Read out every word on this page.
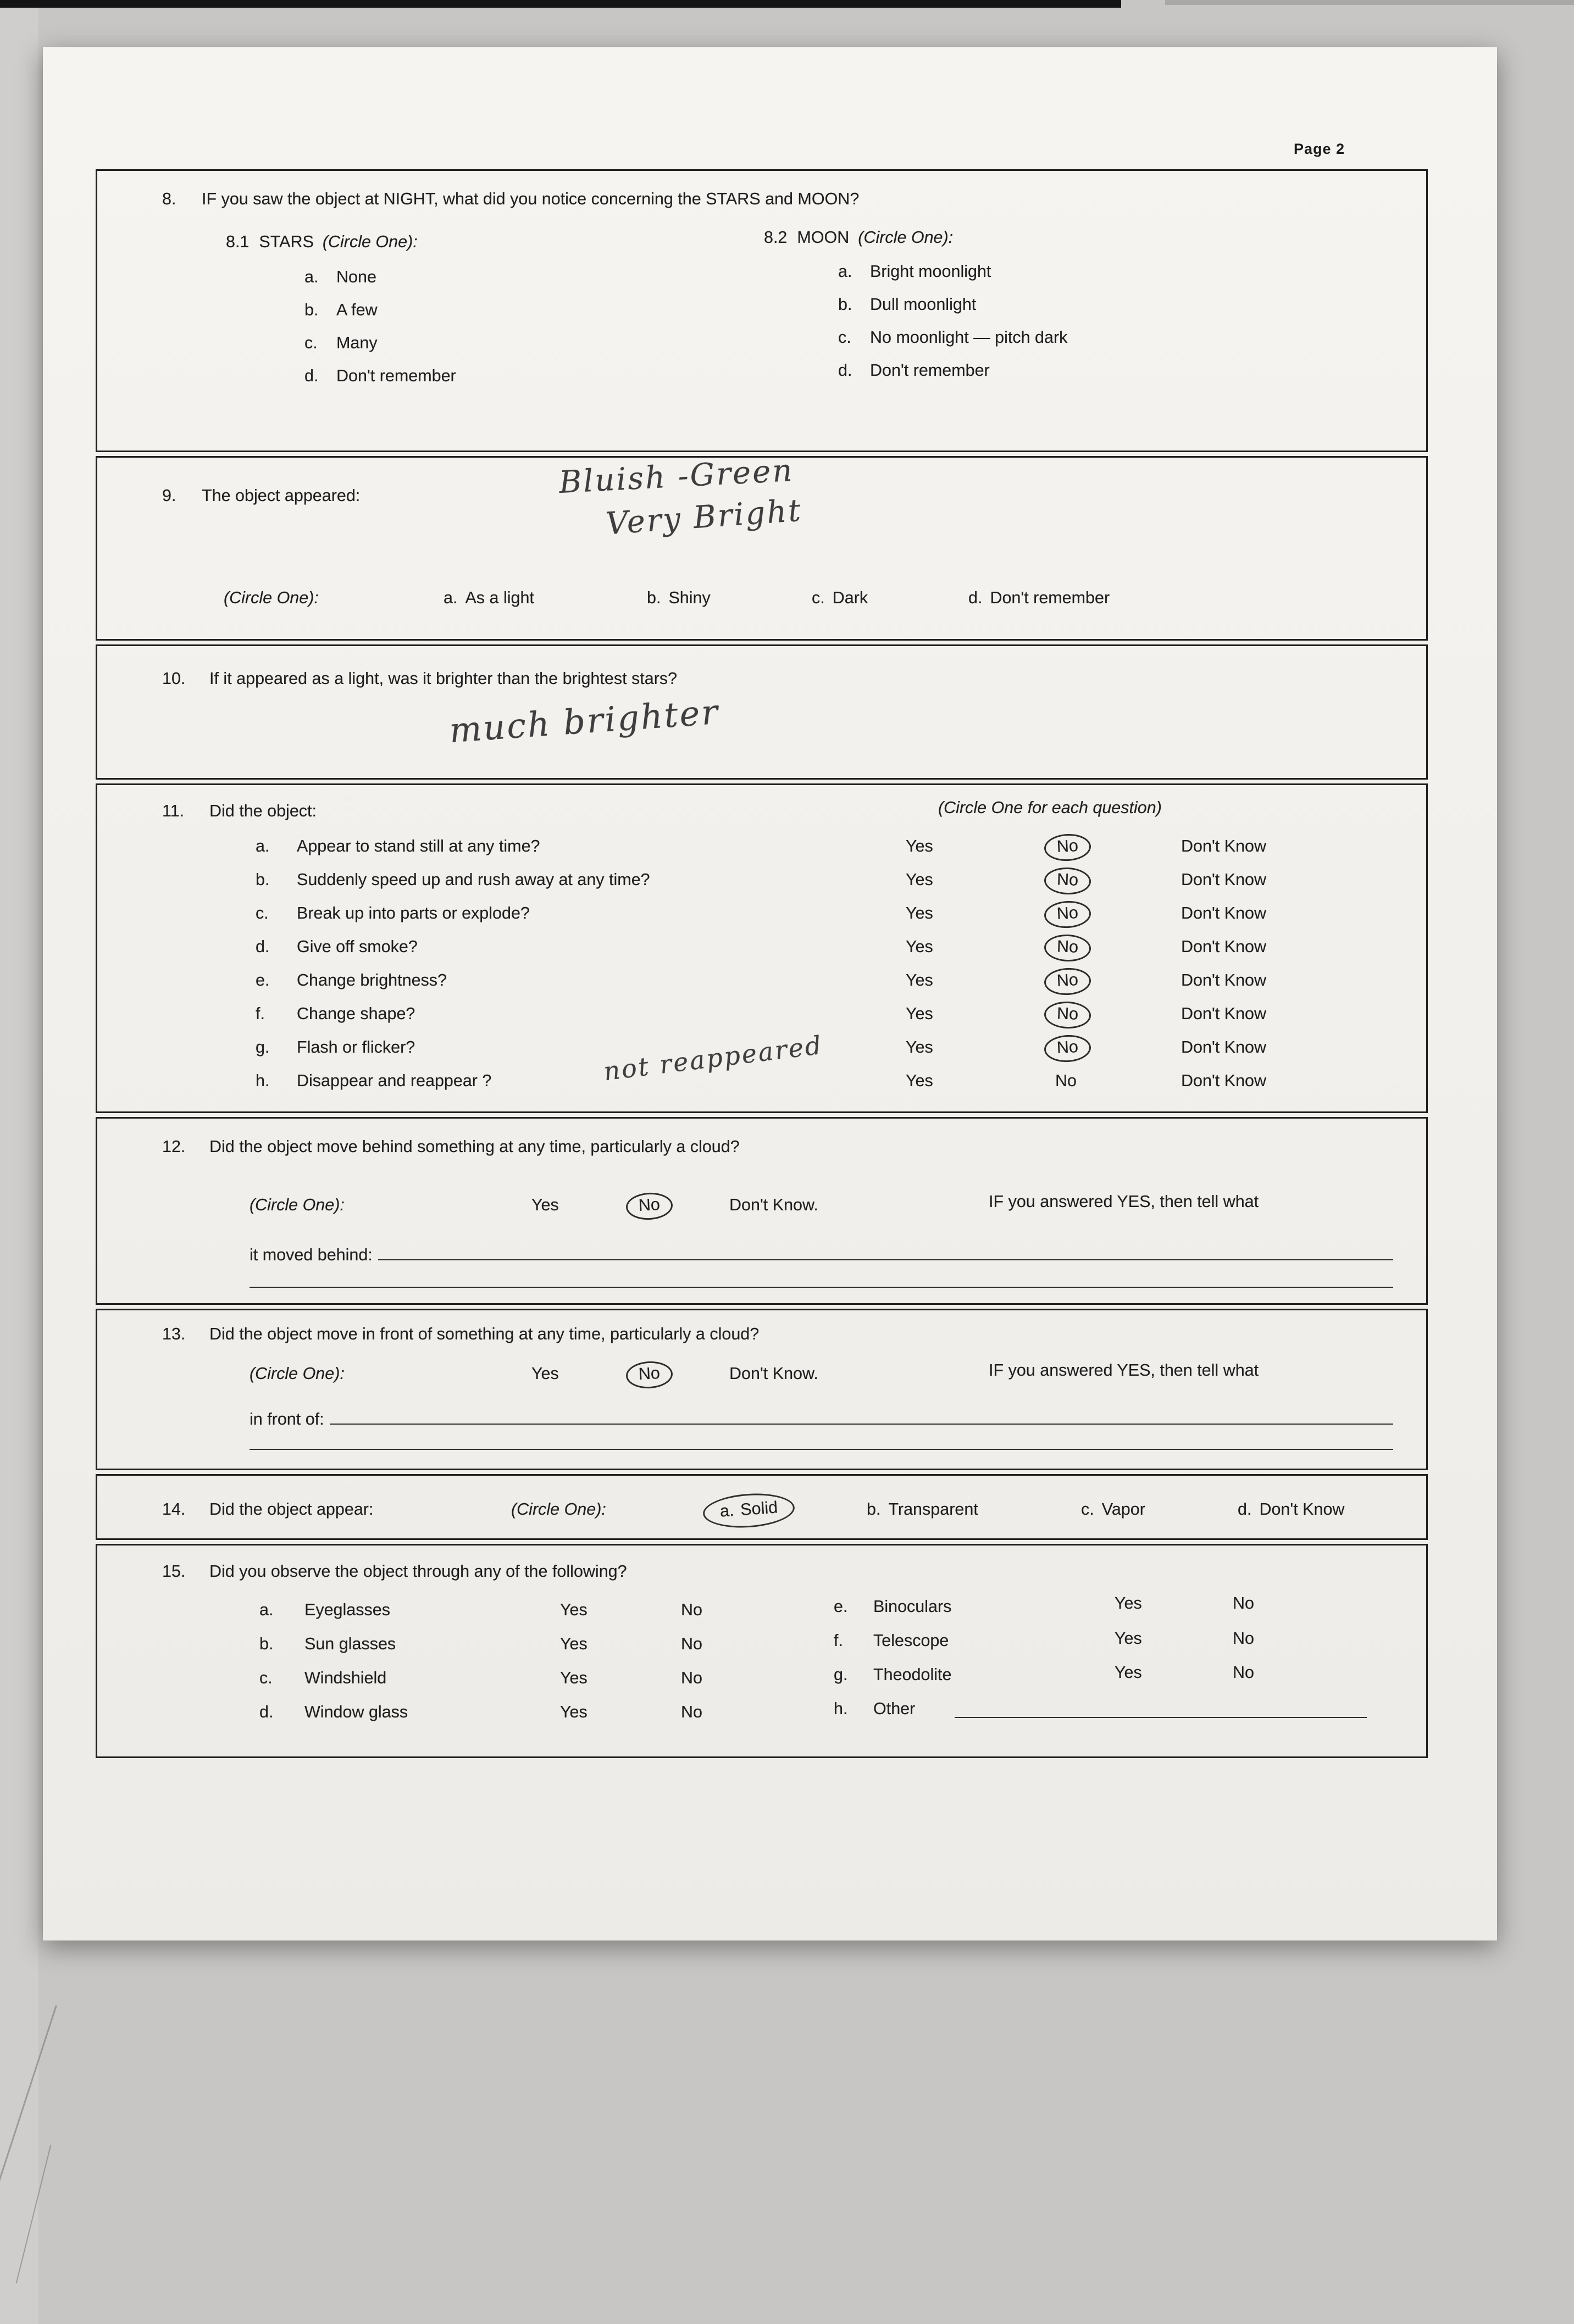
Page 2
8.	IF you saw the object at NIGHT, what did you notice concerning the STARS and MOON?
8.1 STARS (Circle One):
a. None
b. A few
c. Many
d. Don't remember
8.2 MOON (Circle One):
a. Bright moonlight
b. Dull moonlight
c. No moonlight — pitch dark
d. Don't remember
9.	The object appeared:	Bluish -Green
Very Bright
(Circle One):	a. As a light	b. Shiny	c. Dark	d. Don't remember
10.	If it appeared as a light, was it brighter than the brightest stars?
much brighter
11.	Did the object:	(Circle One for each question)
a. Appear to stand still at any time?	Yes	No	Don't Know
b. Suddenly speed up and rush away at any time?	Yes	No	Don't Know
c. Break up into parts or explode?	Yes	No	Don't Know
d. Give off smoke?	Yes	No	Don't Know
e. Change brightness?	Yes	No	Don't Know
f. Change shape?	Yes	No	Don't Know
g. Flash or flicker?	Yes	No	Don't Know
h. Disappear and reappear ?	Yes	No	Don't Know
not reappeared
12.	Did the object move behind something at any time, particularly a cloud?
(Circle One):	Yes	No	Don't Know.	IF you answered YES, then tell what
it moved behind:
13.	Did the object move in front of something at any time, particularly a cloud?
(Circle One):	Yes	No	Don't Know.	IF you answered YES, then tell what
in front of:
14.	Did the object appear:	(Circle One):	a. Solid	b. Transparent	c. Vapor	d. Don't Know
15.	Did you observe the object through any of the following?
a. Eyeglasses	Yes	No	e. Binoculars	Yes	No
b. Sun glasses	Yes	No	f. Telescope	Yes	No
c. Windshield	Yes	No	g. Theodolite	Yes	No
d. Window glass	Yes	No	h. Other
